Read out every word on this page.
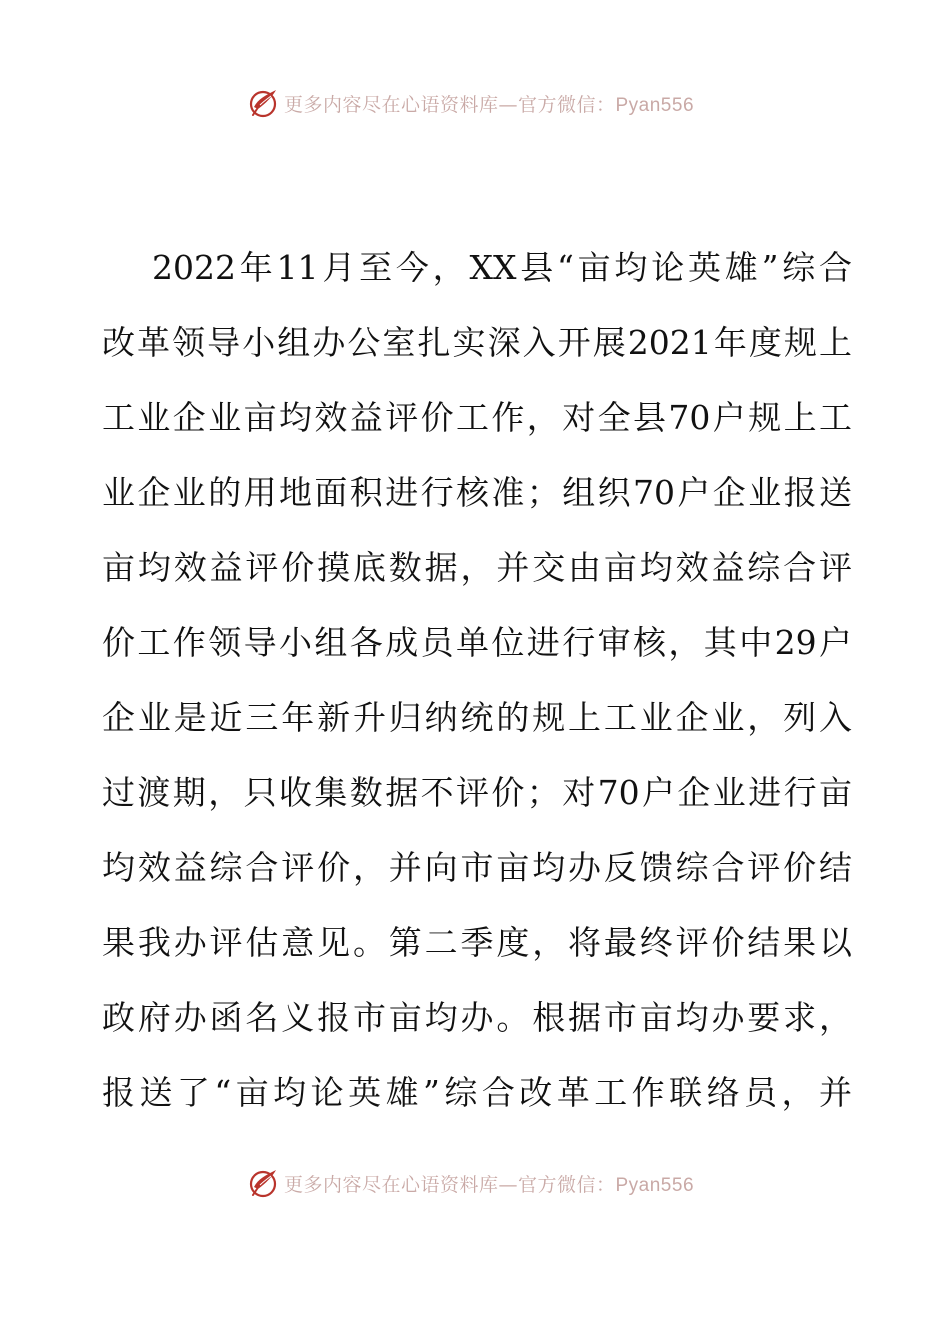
更多内容尽在心语资料库—官方微信：Pyan556
2022年11月至今，XX县“亩均论英雄”综合
改革领导小组办公室扎实深入开展2021年度规上
工业企业亩均效益评价工作，对全县70户规上工
业企业的用地面积进行核准；组织70户企业报送
亩均效益评价摸底数据，并交由亩均效益综合评
价工作领导小组各成员单位进行审核，其中29户
企业是近三年新升归纳统的规上工业企业，列入
过渡期，只收集数据不评价；对70户企业进行亩
均效益综合评价，并向市亩均办反馈综合评价结
果我办评估意见。第二季度，将最终评价结果以
政府办函名义报市亩均办。根据市亩均办要求，
报送了“亩均论英雄”综合改革工作联络员，并
更多内容尽在心语资料库—官方微信：Pyan556
